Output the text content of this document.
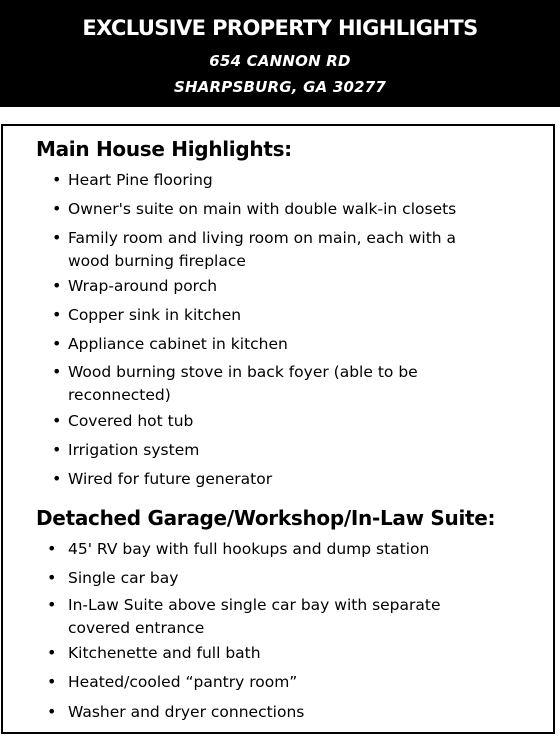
EXCLUSIVE PROPERTY HIGHLIGHTS
654 CANNON RD
SHARPSBURG, GA 30277
Main House Highlights:
• Heart Pine flooring
• Owner's suite on main with double walk-in closets
• Family room and living room on main, each with a
wood burning fireplace
• Wrap-around porch
• Copper sink in kitchen
• Appliance cabinet in kitchen
• Wood burning stove in back foyer (able to be
reconnected)
• Covered hot tub
• Irrigation system
• Wired for future generator
Detached Garage/Workshop/In-Law Suite:
• 45' RV bay with full hookups and dump station
• Single car bay
• In-Law Suite above single car bay with separate
covered entrance
• Kitchenette and full bath
• Heated/cooled “pantry room”
• Washer and dryer connections
